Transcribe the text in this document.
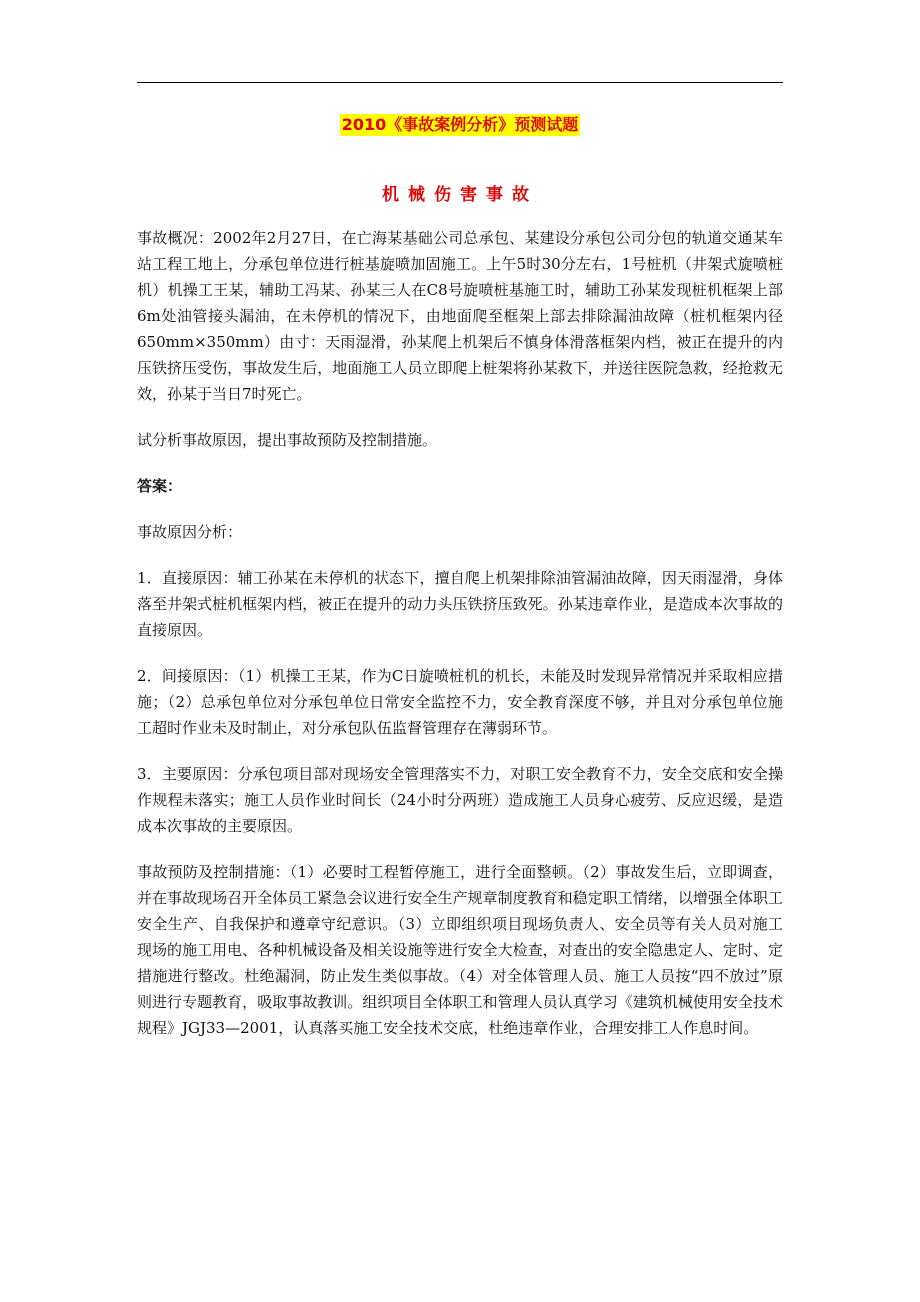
2010《事故案例分析》预测试题
机械伤害事故

事故概况：2002年2月27日，在亡海某基础公司总承包、某建设分承包公司分包的轨道交通某车站工程工地上，分承包单位进行桩基旋喷加固施工。上午5时30分左右，1号桩机（井架式旋喷桩机）机操工王某，辅助工冯某、孙某三人在C8号旋喷桩基施工时，辅助工孙某发现桩机框架上部6m处油管接头漏油，在未停机的情况下，由地面爬至框架上部去排除漏油故障（桩机框架内径650mm×350mm）由寸：天雨湿滑，孙某爬上机架后不慎身体滑落框架内档，被正在提升的内压铁挤压受伤，事故发生后，地面施工人员立即爬上桩架将孙某救下，并送往医院急救，经抢救无效，孙某于当日7时死亡。

试分析事故原因，提出事故预防及控制措施。

答案：

事故原因分析：

1．直接原因：辅工孙某在未停机的状态下，擅自爬上机架排除油管漏油故障，因天雨湿滑，身体落至井架式桩机框架内档，被正在提升的动力头压铁挤压致死。孙某违章作业，是造成本次事故的直接原因。

2．间接原因：（1）机操工王某，作为C日旋喷桩机的机长，未能及时发现异常情况并采取相应措施；（2）总承包单位对分承包单位日常安全监控不力，安全教育深度不够，并且对分承包单位施工超时作业未及时制止，对分承包队伍监督管理存在薄弱环节。

3．主要原因：分承包项目部对现场安全管理落实不力，对职工安全教育不力，安全交底和安全操作规程未落实；施工人员作业时间长（24小时分两班）造成施工人员身心疲劳、反应迟缓，是造成本次事故的主要原因。

事故预防及控制措施：（1）必要时工程暂停施工，进行全面整顿。（2）事故发生后，立即调查，并在事故现场召开全体员工紧急会议进行安全生产规章制度教育和稳定职工情绪，以增强全体职工安全生产、自我保护和遵章守纪意识。（3）立即组织项目现场负责人、安全员等有关人员对施工现场的施工用电、各种机械设备及相关设施等进行安全大检查，对查出的安全隐患定人、定时、定措施进行整改。杜绝漏洞，防止发生类似事故。（4）对全体管理人员、施工人员按“四不放过”原则进行专题教育，吸取事故教训。组织项目全体职工和管理人员认真学习《建筑机械使用安全技术规程》JGJ33—2001，认真落买施工安全技术交底，杜绝违章作业，合理安排工人作息时间。
